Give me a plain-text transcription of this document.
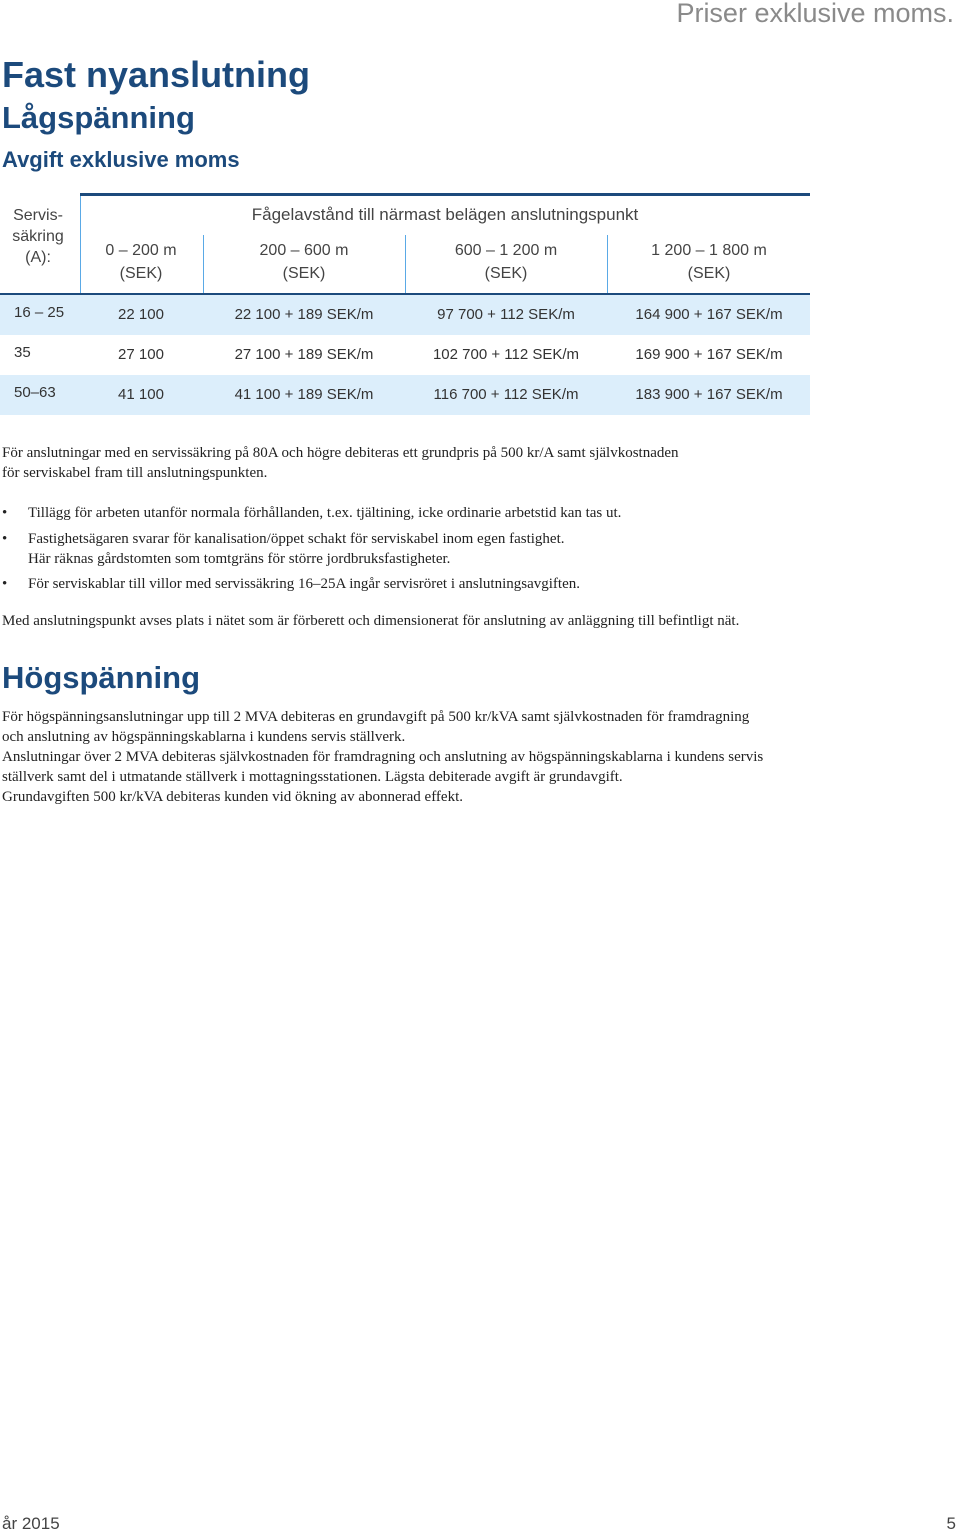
Priser exklusive moms.
Fast nyanslutning
Lågspänning
Avgift exklusive moms
Servis-
säkring
(A):
Fågelavstånd till närmast belägen anslutningspunkt
0 – 200 m
(SEK)
200 – 600 m
(SEK)
600 – 1 200 m
(SEK)
1 200 – 1 800 m
(SEK)
16 – 25	22 100	22 100 + 189 SEK/m	97 700 + 112 SEK/m	164 900 + 167 SEK/m
35	27 100	27 100 + 189 SEK/m	102 700 + 112 SEK/m	169 900 + 167 SEK/m
50–63	41 100	41 100 + 189 SEK/m	116 700 + 112 SEK/m	183 900 + 167 SEK/m
För anslutningar med en servissäkring på 80A och högre debiteras ett grundpris på 500 kr/A samt självkostnaden
för serviskabel fram till anslutningspunkten.
• Tillägg för arbeten utanför normala förhållanden, t.ex. tjältining, icke ordinarie arbetstid kan tas ut.
• Fastighetsägaren svarar för kanalisation/öppet schakt för serviskabel inom egen fastighet.
Här räknas gårdstomten som tomtgräns för större jordbruksfastigheter.
• För serviskablar till villor med servissäkring 16–25A ingår servisröret i anslutningsavgiften.
Med anslutningspunkt avses plats i nätet som är förberett och dimensionerat för anslutning av anläggning till befintligt nät.
Högspänning
För högspänningsanslutningar upp till 2 MVA debiteras en grundavgift på 500 kr/kVA samt självkostnaden för framdragning
och anslutning av högspänningskablarna i kundens servis ställverk.
Anslutningar över 2 MVA debiteras självkostnaden för framdragning och anslutning av högspänningskablarna i kundens servis
ställverk samt del i utmatande ställverk i mottagningsstationen. Lägsta debiterade avgift är grundavgift.
Grundavgiften 500 kr/kVA debiteras kunden vid ökning av abonnerad effekt.
år 2015	5
